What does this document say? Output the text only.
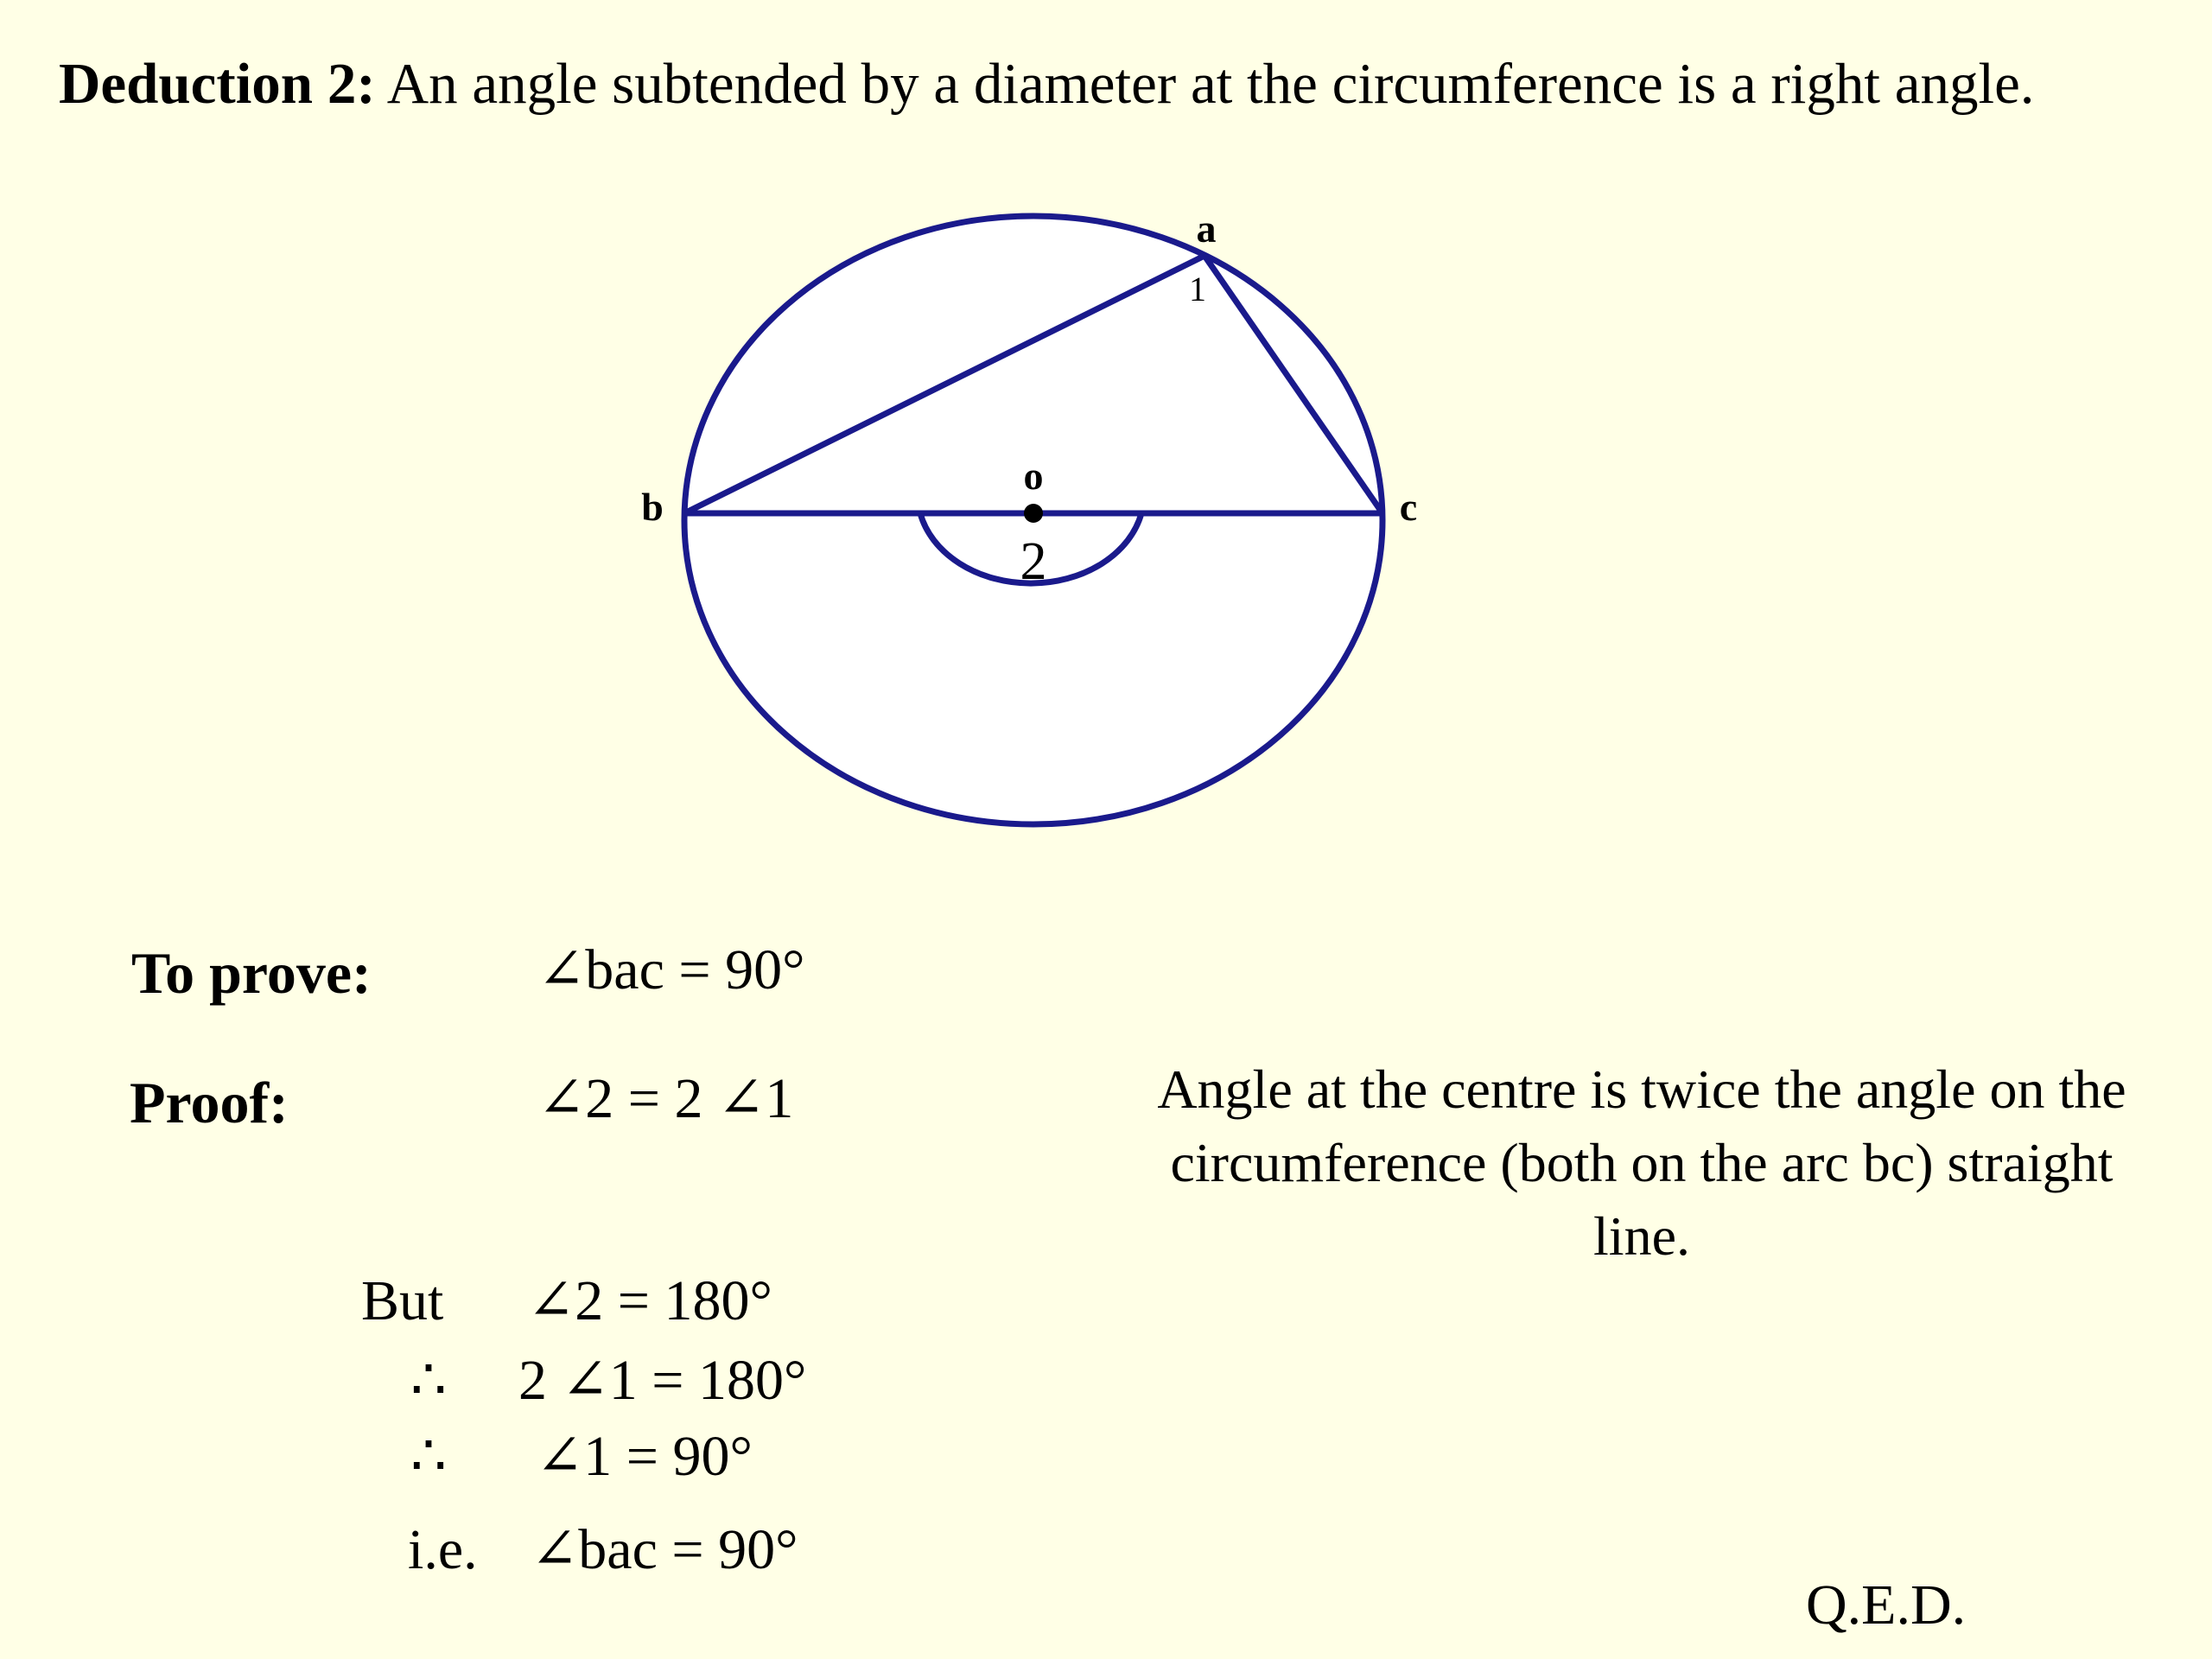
Deduction 2: An angle subtended by a diameter at the circumference is a right angle.
a
b	c
o
1
2
To prove:	∠bac = 90°
Proof:	∠2 = 2 ∠1	Angle at the centre is twice the angle on the circumference (both on the arc bc) straight line.
But ∠2 = 180°
∴ 2 ∠1 = 180°
∴ ∠1 = 90°
i.e. ∠bac = 90°
Q.E.D.
